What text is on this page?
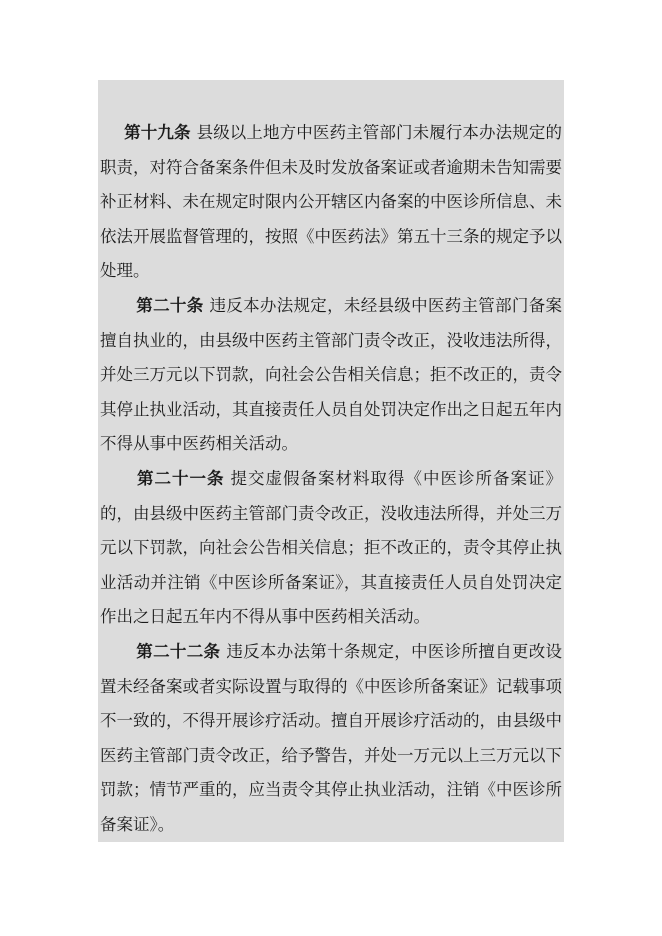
第十九条 县级以上地方中医药主管部门未履行本办法规定的职责，对符合备案条件但未及时发放备案证或者逾期未告知需要补正材料、未在规定时限内公开辖区内备案的中医诊所信息、未依法开展监督管理的，按照《中医药法》第五十三条的规定予以处理。

第二十条 违反本办法规定，未经县级中医药主管部门备案擅自执业的，由县级中医药主管部门责令改正，没收违法所得，并处三万元以下罚款，向社会公告相关信息；拒不改正的，责令其停止执业活动，其直接责任人员自处罚决定作出之日起五年内不得从事中医药相关活动。

第二十一条 提交虚假备案材料取得《中医诊所备案证》的，由县级中医药主管部门责令改正，没收违法所得，并处三万元以下罚款，向社会公告相关信息；拒不改正的，责令其停止执业活动并注销《中医诊所备案证》，其直接责任人员自处罚决定作出之日起五年内不得从事中医药相关活动。

第二十二条 违反本办法第十条规定，中医诊所擅自更改设置未经备案或者实际设置与取得的《中医诊所备案证》记载事项不一致的，不得开展诊疗活动。擅自开展诊疗活动的，由县级中医药主管部门责令改正，给予警告，并处一万元以上三万元以下罚款；情节严重的，应当责令其停止执业活动，注销《中医诊所备案证》。
